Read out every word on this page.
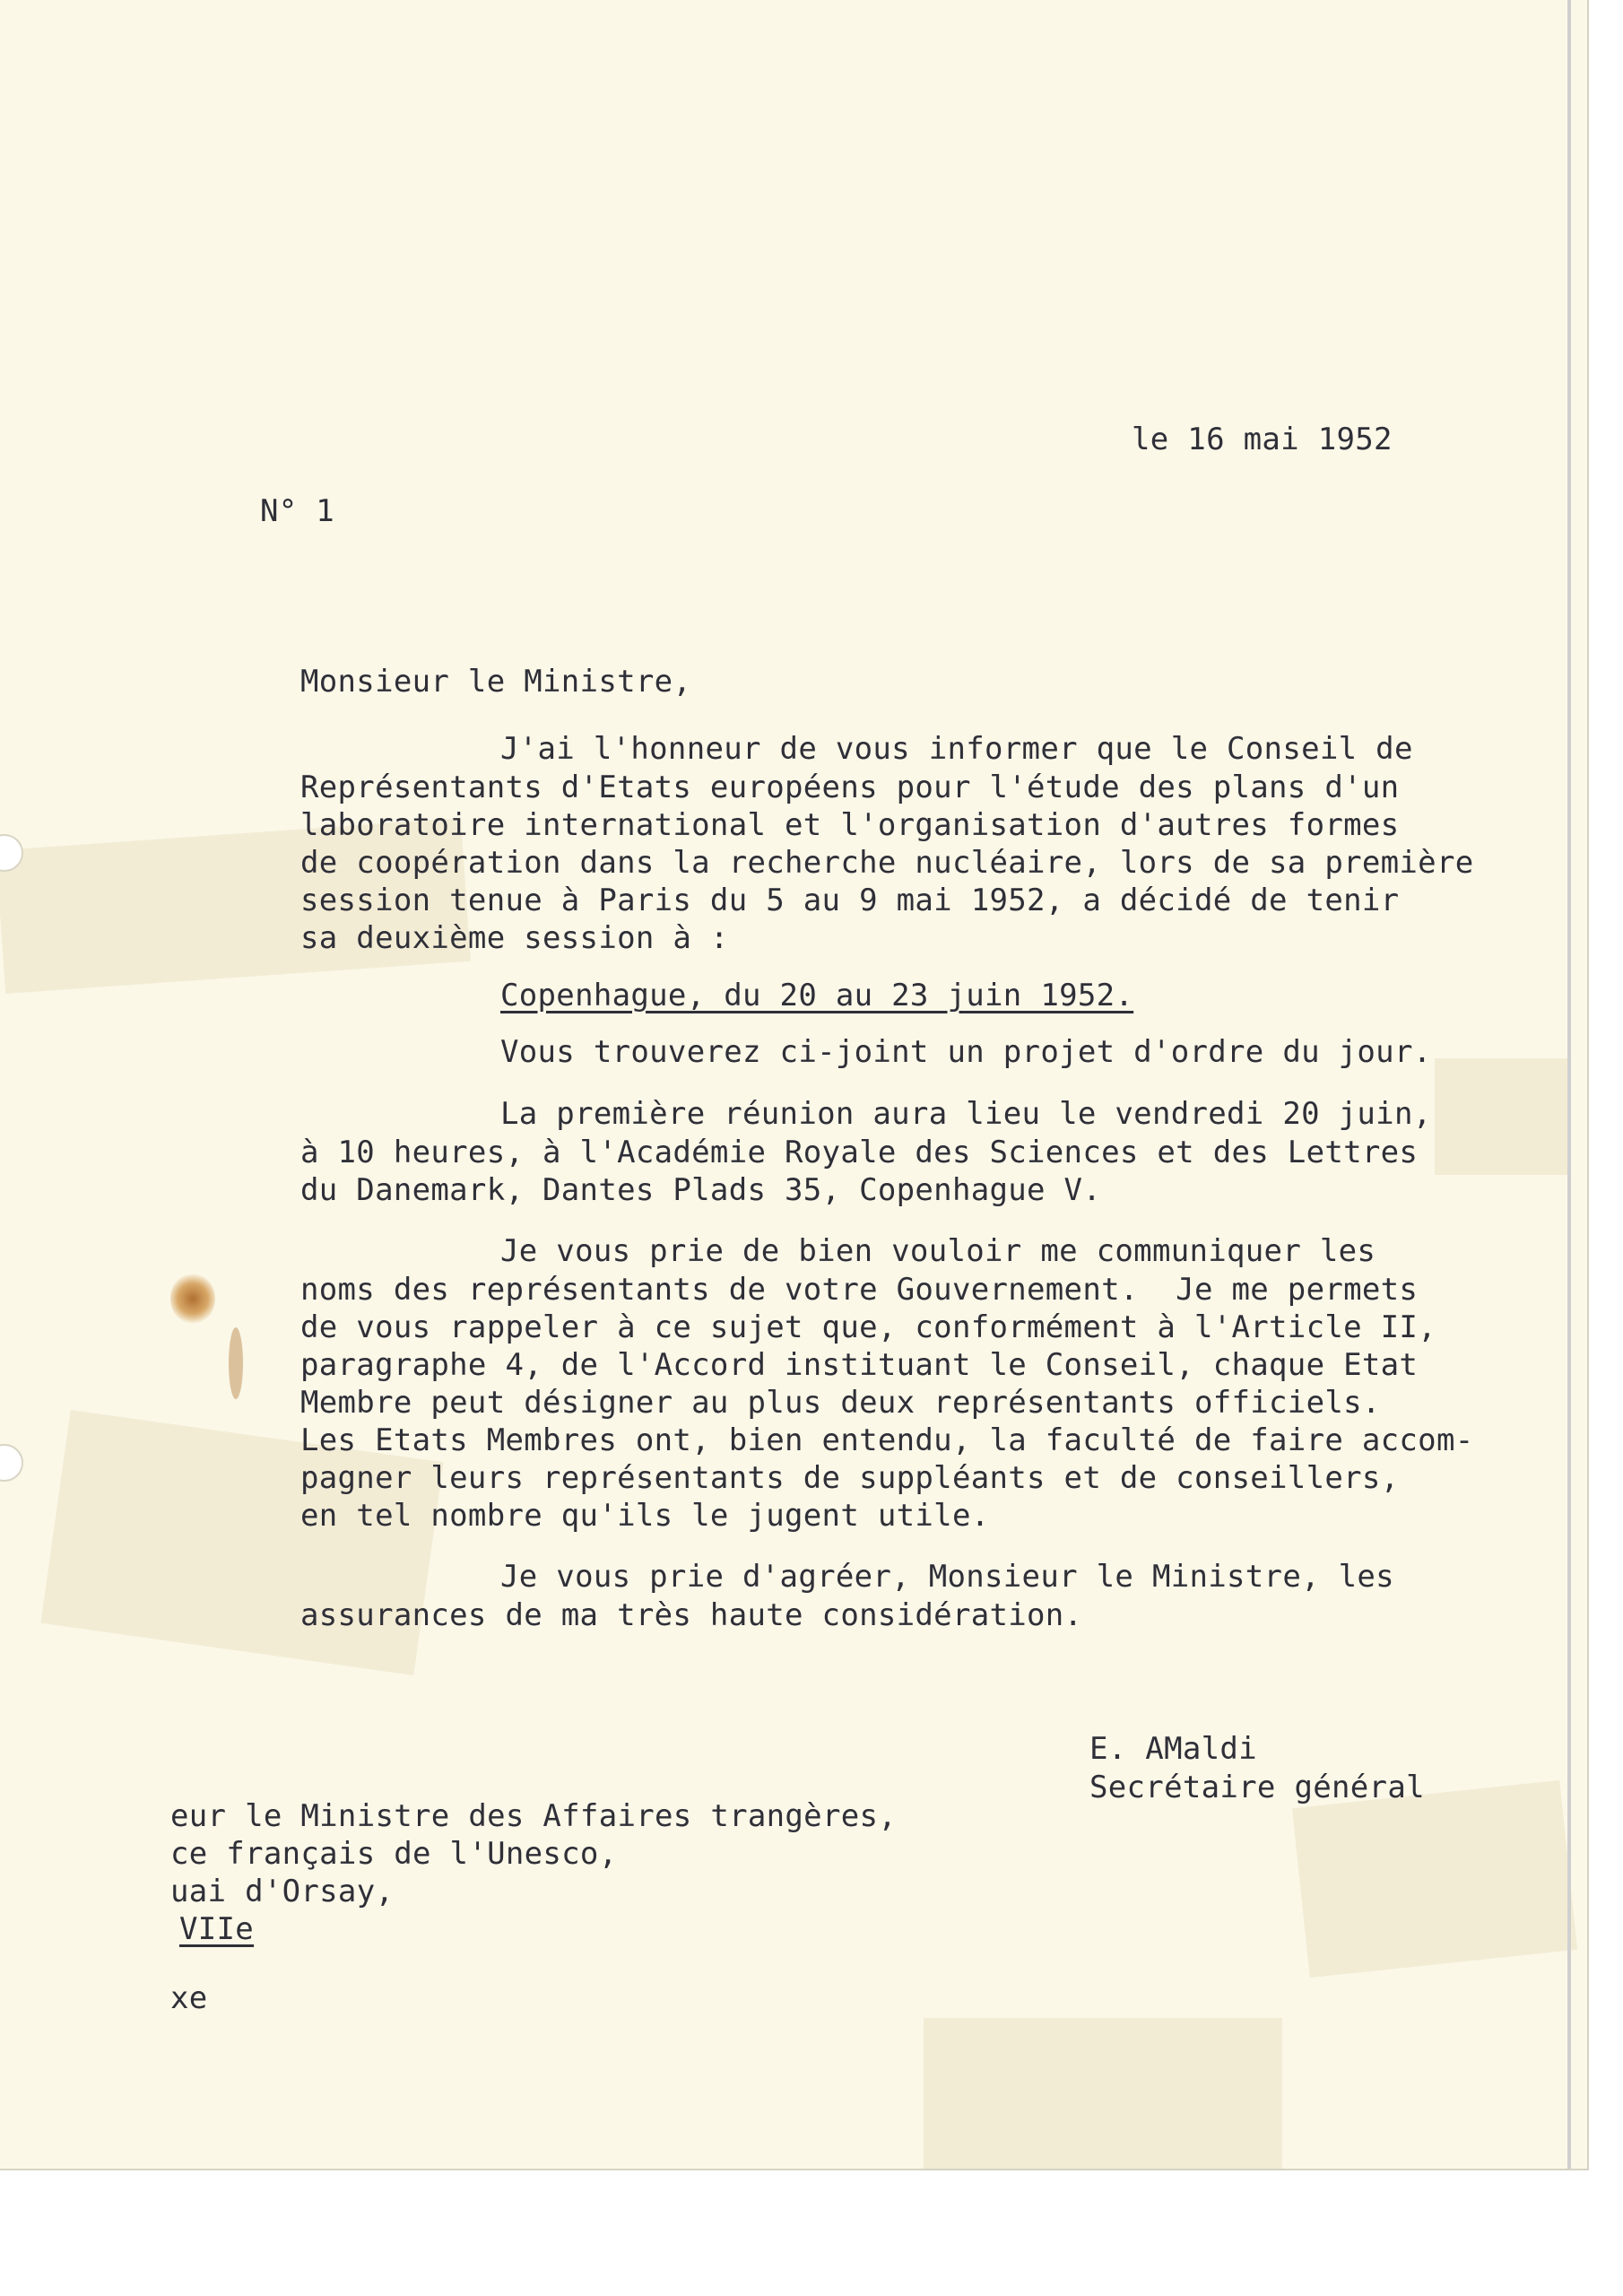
le 16 mai 1952
N° 1
Monsieur le Ministre,
J'ai l'honneur de vous informer que le Conseil de
Représentants d'Etats européens pour l'étude des plans d'un
laboratoire international et l'organisation d'autres formes
de coopération dans la recherche nucléaire, lors de sa première
session tenue à Paris du 5 au 9 mai 1952, a décidé de tenir
sa deuxième session à :
Copenhague, du 20 au 23 juin 1952.
Vous trouverez ci-joint un projet d'ordre du jour.
La première réunion aura lieu le vendredi 20 juin,
à 10 heures, à l'Académie Royale des Sciences et des Lettres
du Danemark, Dantes Plads 35, Copenhague V.
Je vous prie de bien vouloir me communiquer les
noms des représentants de votre Gouvernement.  Je me permets
de vous rappeler à ce sujet que, conformément à l'Article II,
paragraphe 4, de l'Accord instituant le Conseil, chaque Etat
Membre peut désigner au plus deux représentants officiels.
Les Etats Membres ont, bien entendu, la faculté de faire accom-
pagner leurs représentants de suppléants et de conseillers,
en tel nombre qu'ils le jugent utile.
Je vous prie d'agréer, Monsieur le Ministre, les
assurances de ma très haute considération.
E. AMaldi
Secrétaire général
eur le Ministre des Affaires trangères,
ce français de l'Unesco,
uai d'Orsay,
VIIe
xe
